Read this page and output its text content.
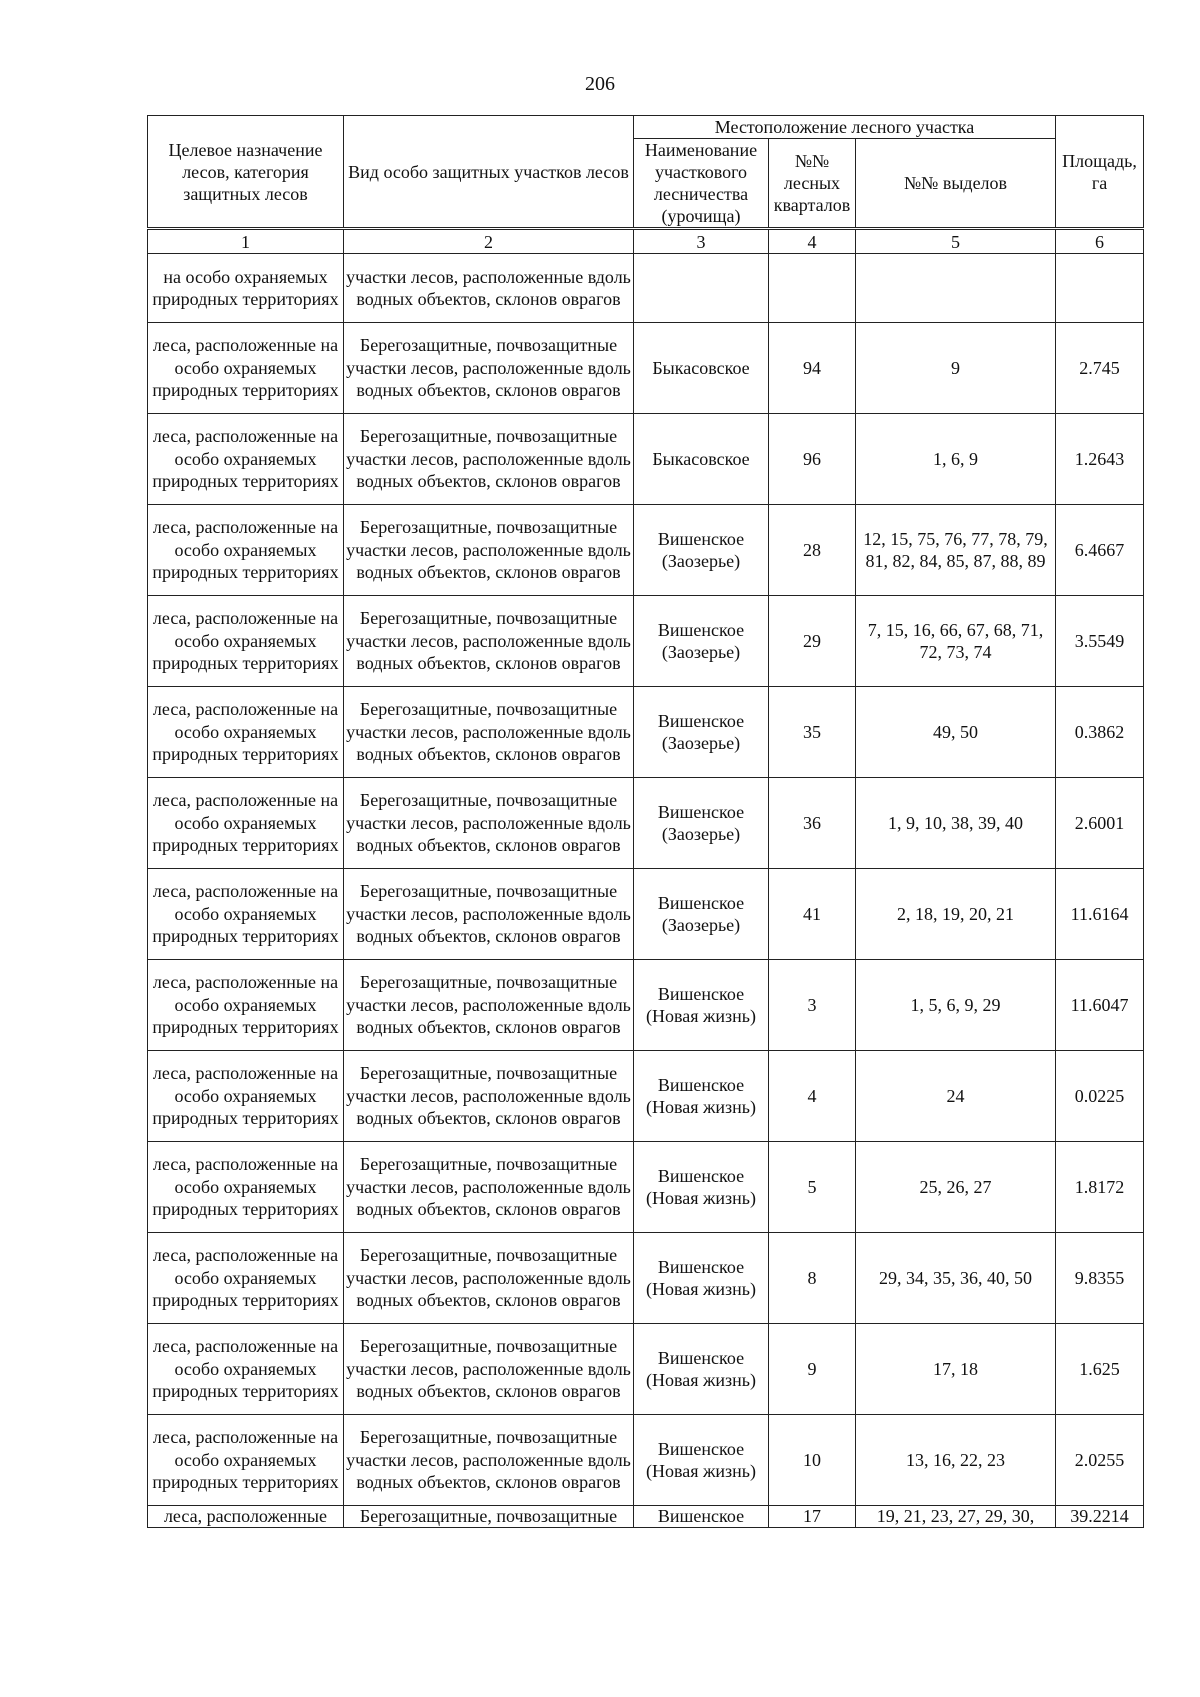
206
Целевое назначение лесов, категория защитных лесов	Вид особо защитных участков лесов	Местоположение лесного участка			Площадь, га
		Наименование участкового лесничества (урочища)	№№ лесных кварталов	№№ выделов	
1	2	3	4	5	6
на особо охраняемых природных территориях	участки лесов, расположенные вдоль водных объектов, склонов оврагов				
леса, расположенные на особо охраняемых природных территориях	Берегозащитные, почвозащитные участки лесов, расположенные вдоль водных объектов, склонов оврагов	Быкасовское	94	9	2.745
леса, расположенные на особо охраняемых природных территориях	Берегозащитные, почвозащитные участки лесов, расположенные вдоль водных объектов, склонов оврагов	Быкасовское	96	1, 6, 9	1.2643
леса, расположенные на особо охраняемых природных территориях	Берегозащитные, почвозащитные участки лесов, расположенные вдоль водных объектов, склонов оврагов	Вишенское (Заозерье)	28	12, 15, 75, 76, 77, 78, 79, 81, 82, 84, 85, 87, 88, 89	6.4667
леса, расположенные на особо охраняемых природных территориях	Берегозащитные, почвозащитные участки лесов, расположенные вдоль водных объектов, склонов оврагов	Вишенское (Заозерье)	29	7, 15, 16, 66, 67, 68, 71, 72, 73, 74	3.5549
леса, расположенные на особо охраняемых природных территориях	Берегозащитные, почвозащитные участки лесов, расположенные вдоль водных объектов, склонов оврагов	Вишенское (Заозерье)	35	49, 50	0.3862
леса, расположенные на особо охраняемых природных территориях	Берегозащитные, почвозащитные участки лесов, расположенные вдоль водных объектов, склонов оврагов	Вишенское (Заозерье)	36	1, 9, 10, 38, 39, 40	2.6001
леса, расположенные на особо охраняемых природных территориях	Берегозащитные, почвозащитные участки лесов, расположенные вдоль водных объектов, склонов оврагов	Вишенское (Заозерье)	41	2, 18, 19, 20, 21	11.6164
леса, расположенные на особо охраняемых природных территориях	Берегозащитные, почвозащитные участки лесов, расположенные вдоль водных объектов, склонов оврагов	Вишенское (Новая жизнь)	3	1, 5, 6, 9, 29	11.6047
леса, расположенные на особо охраняемых природных территориях	Берегозащитные, почвозащитные участки лесов, расположенные вдоль водных объектов, склонов оврагов	Вишенское (Новая жизнь)	4	24	0.0225
леса, расположенные на особо охраняемых природных территориях	Берегозащитные, почвозащитные участки лесов, расположенные вдоль водных объектов, склонов оврагов	Вишенское (Новая жизнь)	5	25, 26, 27	1.8172
леса, расположенные на особо охраняемых природных территориях	Берегозащитные, почвозащитные участки лесов, расположенные вдоль водных объектов, склонов оврагов	Вишенское (Новая жизнь)	8	29, 34, 35, 36, 40, 50	9.8355
леса, расположенные на особо охраняемых природных территориях	Берегозащитные, почвозащитные участки лесов, расположенные вдоль водных объектов, склонов оврагов	Вишенское (Новая жизнь)	9	17, 18	1.625
леса, расположенные на особо охраняемых природных территориях	Берегозащитные, почвозащитные участки лесов, расположенные вдоль водных объектов, склонов оврагов	Вишенское (Новая жизнь)	10	13, 16, 22, 23	2.0255
леса, расположенные	Берегозащитные, почвозащитные	Вишенское	17	19, 21, 23, 27, 29, 30,	39.2214
